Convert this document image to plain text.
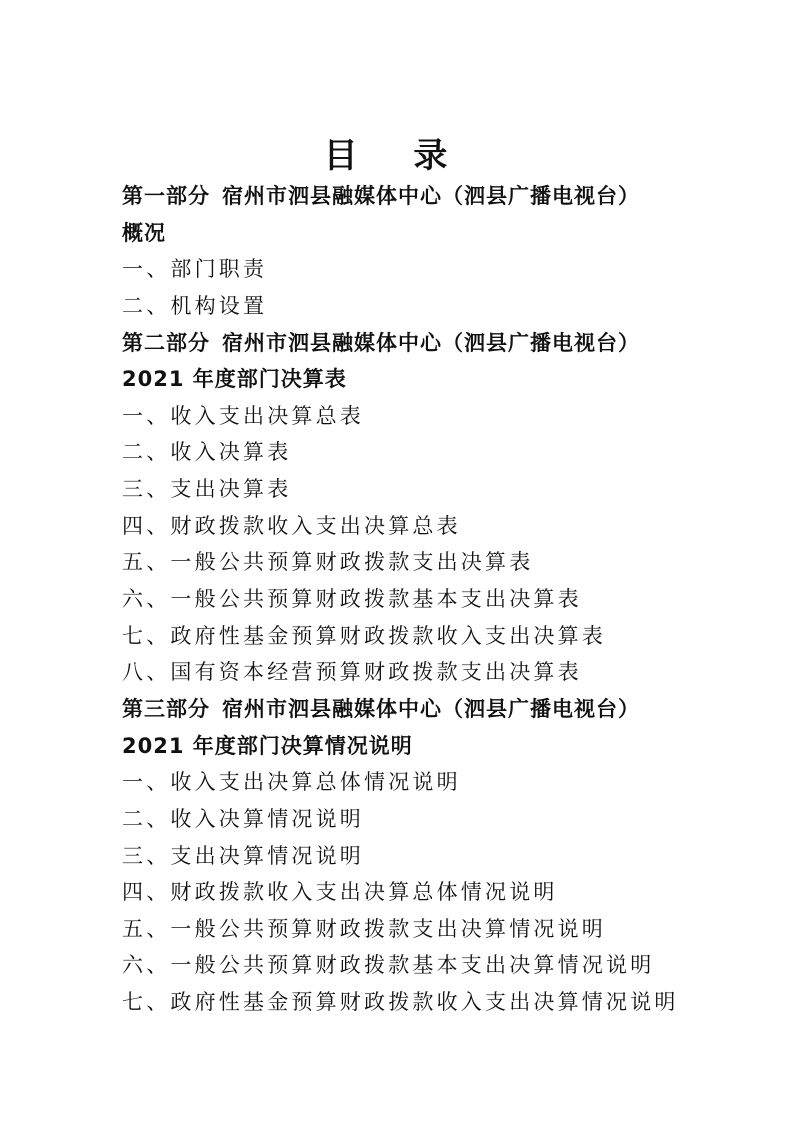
目 录
第一部分 宿州市泗县融媒体中心（泗县广播电视台）
概况
一、部门职责
二、机构设置
第二部分 宿州市泗县融媒体中心（泗县广播电视台）
2021 年度部门决算表
一、收入支出决算总表
二、收入决算表
三、支出决算表
四、财政拨款收入支出决算总表
五、一般公共预算财政拨款支出决算表
六、一般公共预算财政拨款基本支出决算表
七、政府性基金预算财政拨款收入支出决算表
八、国有资本经营预算财政拨款支出决算表
第三部分 宿州市泗县融媒体中心（泗县广播电视台）
2021 年度部门决算情况说明
一、收入支出决算总体情况说明
二、收入决算情况说明
三、支出决算情况说明
四、财政拨款收入支出决算总体情况说明
五、一般公共预算财政拨款支出决算情况说明
六、一般公共预算财政拨款基本支出决算情况说明
七、政府性基金预算财政拨款收入支出决算情况说明
